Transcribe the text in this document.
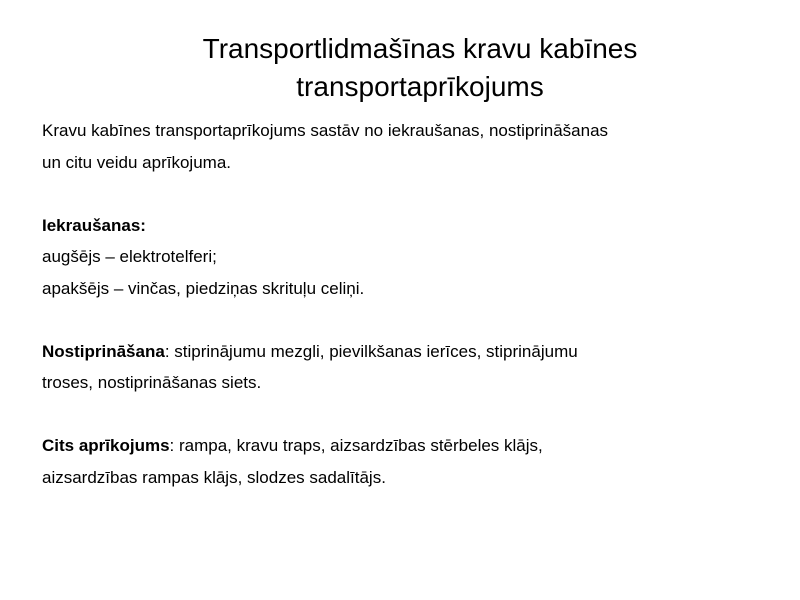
Transportlidmašīnas kravu kabīnes
transportaprīkojums
Kravu kabīnes transportaprīkojums sastāv no iekraušanas, nostiprināšanas
un citu veidu aprīkojuma.
Iekraušanas:
augšējs – elektrotelferi;
apakšējs – vinčas, piedziņas skrituļu celiņi.
Nostiprināšana: stiprinājumu mezgli, pievilkšanas ierīces, stiprinājumu
troses, nostiprināšanas siets.
Cits aprīkojums: rampa, kravu traps, aizsardzības stērbeles klājs,
aizsardzības rampas klājs, slodzes sadalītājs.
